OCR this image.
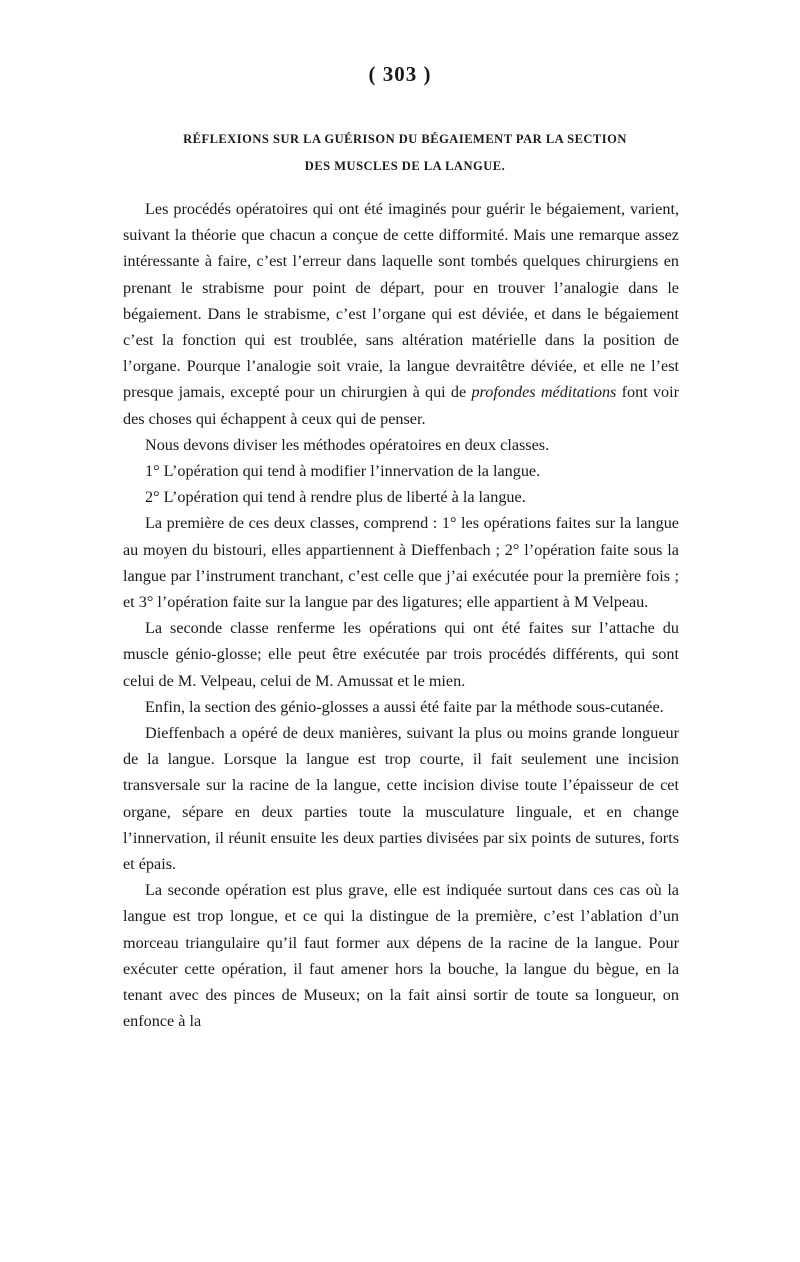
( 303 )
RÉFLEXIONS SUR LA GUÉRISON DU BÉGAIEMENT PAR LA SECTION
DES MUSCLES DE LA LANGUE.

Les procédés opératoires qui ont été imaginés pour guérir le bégaiement, varient, suivant la théorie que chacun a conçue de cette difformité. Mais une remarque assez intéressante à faire, c’est l’erreur dans laquelle sont tombés quelques chirurgiens en prenant le strabisme pour point de départ, pour en trouver l’analogie dans le bégaiement. Dans le strabisme, c’est l’organe qui est déviée, et dans le bégaiement c’est la fonction qui est troublée, sans altération matérielle dans la position de l’organe. Pourque l’analogie soit vraie, la langue devraitêtre déviée, et elle ne l’est presque jamais, excepté pour un chirurgien à qui de profondes méditations font voir des choses qui échappent à ceux qui de penser.

Nous devons diviser les méthodes opératoires en deux classes.

1° L’opération qui tend à modifier l’innervation de la langue.

2° L’opération qui tend à rendre plus de liberté à la langue.

La première de ces deux classes, comprend : 1° les opérations faites sur la langue au moyen du bistouri, elles appartiennent à Dieffenbach ; 2° l’opération faite sous la langue par l’instrument tranchant, c’est celle que j’ai exécutée pour la première fois ; et 3° l’opération faite sur la langue par des ligatures; elle appartient à M Velpeau.

La seconde classe renferme les opérations qui ont été faites sur l’attache du muscle génio-glosse; elle peut être exécutée par trois procédés différents, qui sont celui de M. Velpeau, celui de M. Amussat et le mien.

Enfin, la section des génio-glosses a aussi été faite par la méthode sous-cutanée.

Dieffenbach a opéré de deux manières, suivant la plus ou moins grande longueur de la langue. Lorsque la langue est trop courte, il fait seulement une incision transversale sur la racine de la langue, cette incision divise toute l’épaisseur de cet organe, sépare en deux parties toute la musculature linguale, et en change l’innervation, il réunit ensuite les deux parties divisées par six points de sutures, forts et épais.

La seconde opération est plus grave, elle est indiquée surtout dans ces cas où la langue est trop longue, et ce qui la distingue de la première, c’est l’ablation d’un morceau triangulaire qu’il faut former aux dépens de la racine de la langue. Pour exécuter cette opération, il faut amener hors la bouche, la langue du bègue, en la tenant avec des pinces de Museux; on la fait ainsi sortir de toute sa longueur, on enfonce à la
